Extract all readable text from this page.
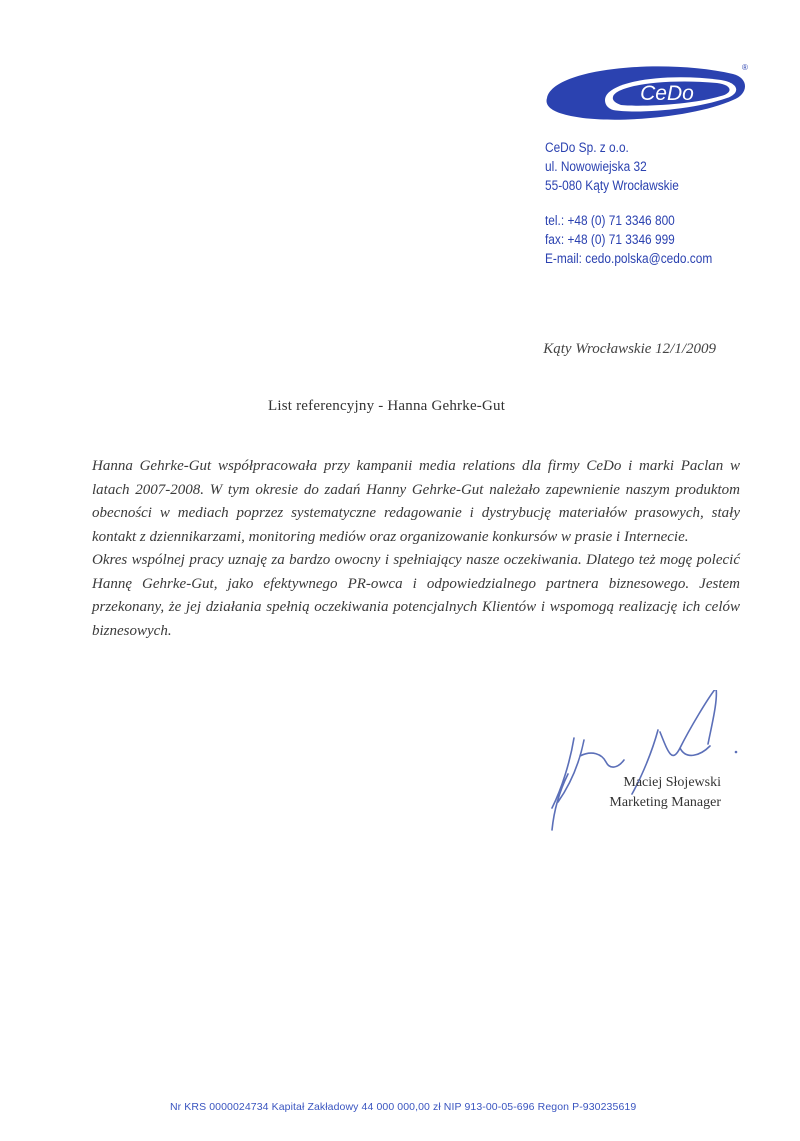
CeDo
®
CeDo Sp. z o.o.
ul. Nowowiejska 32
55-080 Kąty Wrocławskie
tel.: +48 (0) 71 3346 800
fax: +48 (0) 71 3346 999
E-mail: cedo.polska@cedo.com
Kąty Wrocławskie 12/1/2009
List referencyjny - Hanna Gehrke-Gut

Hanna Gehrke-Gut współpracowała przy kampanii media relations dla firmy CeDo i marki Paclan w latach 2007-2008. W tym okresie do zadań Hanny Gehrke-Gut należało zapewnienie naszym produktom obecności w mediach poprzez systematyczne redagowanie i dystrybucję materiałów prasowych, stały kontakt z dziennikarzami, monitoring mediów oraz organizowanie konkursów w prasie i Internecie.

Okres wspólnej pracy uznaję za bardzo owocny i spełniający nasze oczekiwania. Dlatego też mogę polecić Hannę Gehrke-Gut, jako efektywnego PR-owca i odpowiedzialnego partnera biznesowego. Jestem przekonany, że jej działania spełnią oczekiwania potencjalnych Klientów i wspomogą realizację ich celów biznesowych.

Maciej Słojewski
Marketing Manager
Nr KRS 0000024734 Kapitał Zakładowy 44 000 000,00 zł NIP 913-00-05-696 Regon P-930235619
